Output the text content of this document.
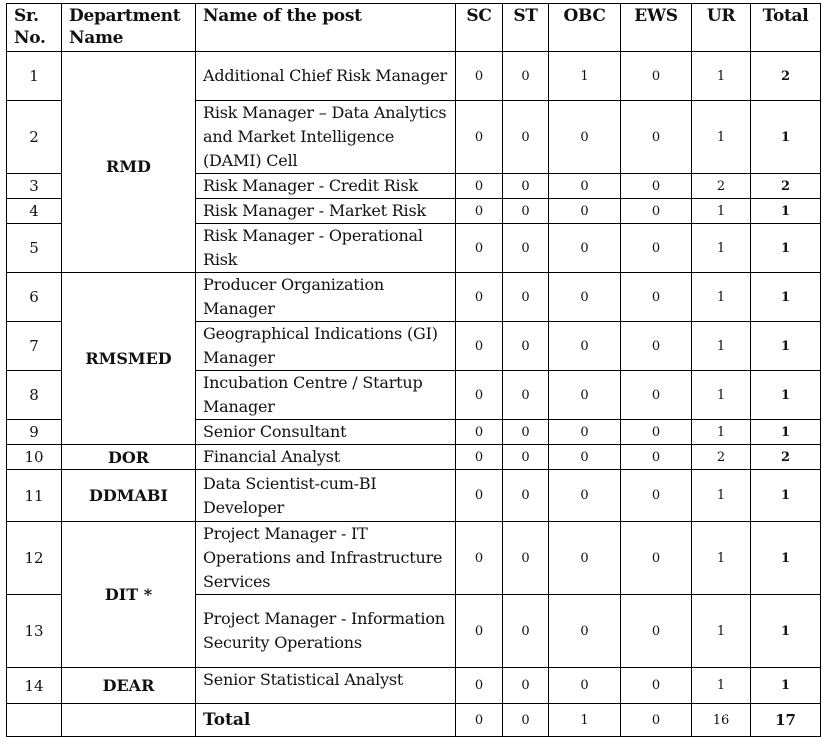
Sr. No.	Department Name	Name of the post	SC	ST	OBC	EWS	UR	Total
1	RMD	Additional Chief Risk Manager	0	0	1	0	1	2
2		Risk Manager – Data Analytics and Market Intelligence (DAMI) Cell	0	0	0	0	1	1
3		Risk Manager - Credit Risk	0	0	0	0	2	2
4		Risk Manager - Market Risk	0	0	0	0	1	1
5		Risk Manager - Operational Risk	0	0	0	0	1	1
6	RMSMED	Producer Organization Manager	0	0	0	0	1	1
7		Geographical Indications (GI) Manager	0	0	0	0	1	1
8		Incubation Centre / Startup Manager	0	0	0	0	1	1
9		Senior Consultant	0	0	0	0	1	1
10	DOR	Financial Analyst	0	0	0	0	2	2
11	DDMABI	Data Scientist-cum-BI Developer	0	0	0	0	1	1
12	DIT *	Project Manager - IT Operations and Infrastructure Services	0	0	0	0	1	1
13		Project Manager - Information Security Operations	0	0	0	0	1	1
14	DEAR	Senior Statistical Analyst	0	0	0	0	1	1
		Total	0	0	1	0	16	17
